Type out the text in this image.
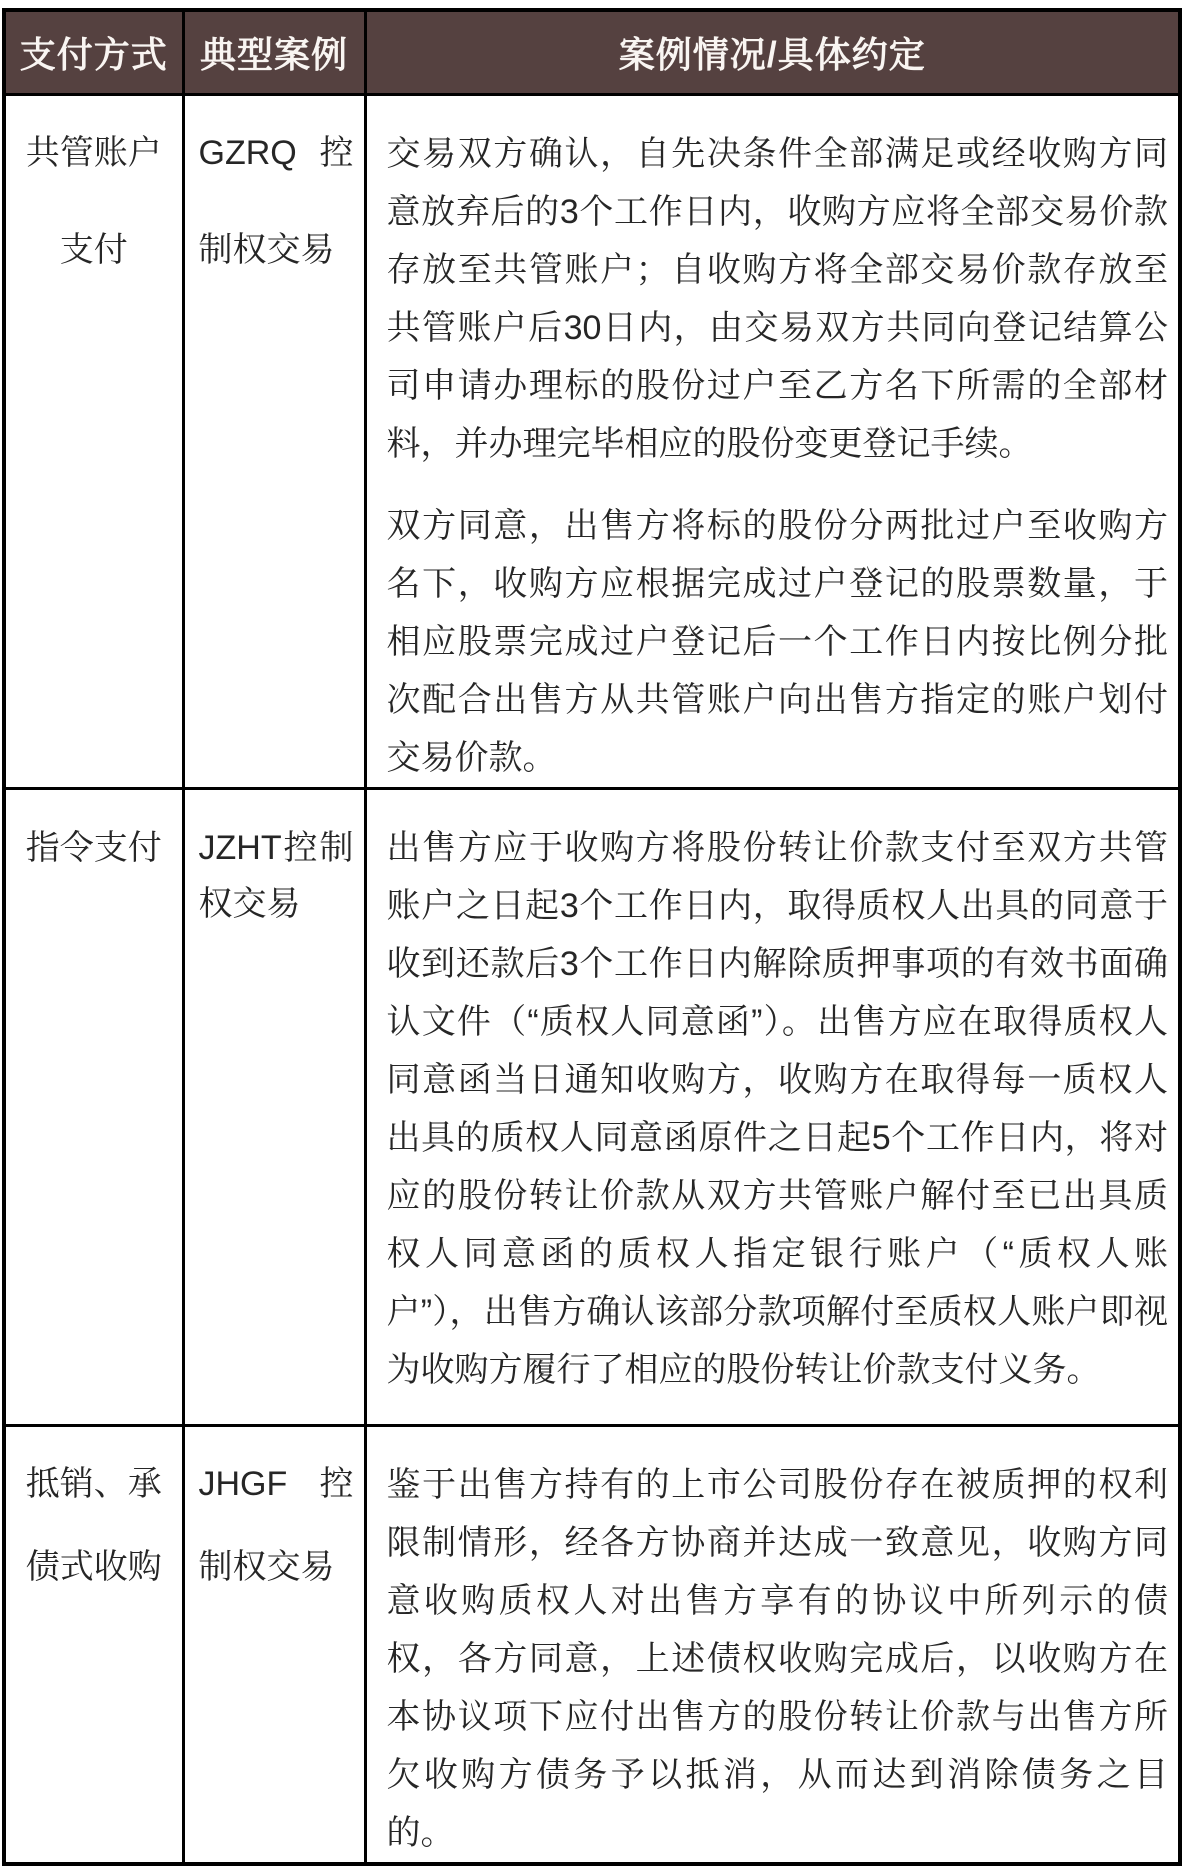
支付方式	典型案例	案例情况/具体约定
共管账户支付	GZRQ 控制权交易	交易双方确认，自先决条件全部满足或经收购方同意放弃后的3个工作日内，收购方应将全部交易价款存放至共管账户；自收购方将全部交易价款存放至共管账户后30日内，由交易双方共同向登记结算公司申请办理标的股份过户至乙方名下所需的全部材料，并办理完毕相应的股份变更登记手续。

双方同意，出售方将标的股份分两批过户至收购方名下，收购方应根据完成过户登记的股票数量，于相应股票完成过户登记后一个工作日内按比例分批次配合出售方从共管账户向出售方指定的账户划付交易价款。

指令支付	JZHT控制权交易	出售方应于收购方将股份转让价款支付至双方共管账户之日起3个工作日内，取得质权人出具的同意于收到还款后3个工作日内解除质押事项的有效书面确认文件（“质权人同意函”）。出售方应在取得质权人同意函当日通知收购方，收购方在取得每一质权人出具的质权人同意函原件之日起5个工作日内，将对应的股份转让价款从双方共管账户解付至已出具质权人同意函的质权人指定银行账户（“质权人账户”），出售方确认该部分款项解付至质权人账户即视为收购方履行了相应的股份转让价款支付义务。

抵销、承债式收购	JHGF控制权交易	鉴于出售方持有的上市公司股份存在被质押的权利限制情形，经各方协商并达成一致意见，收购方同意收购质权人对出售方享有的协议中所列示的债权，各方同意，上述债权收购完成后，以收购方在本协议项下应付出售方的股份转让价款与出售方所欠收购方债务予以抵消，从而达到消除债务之目的。
